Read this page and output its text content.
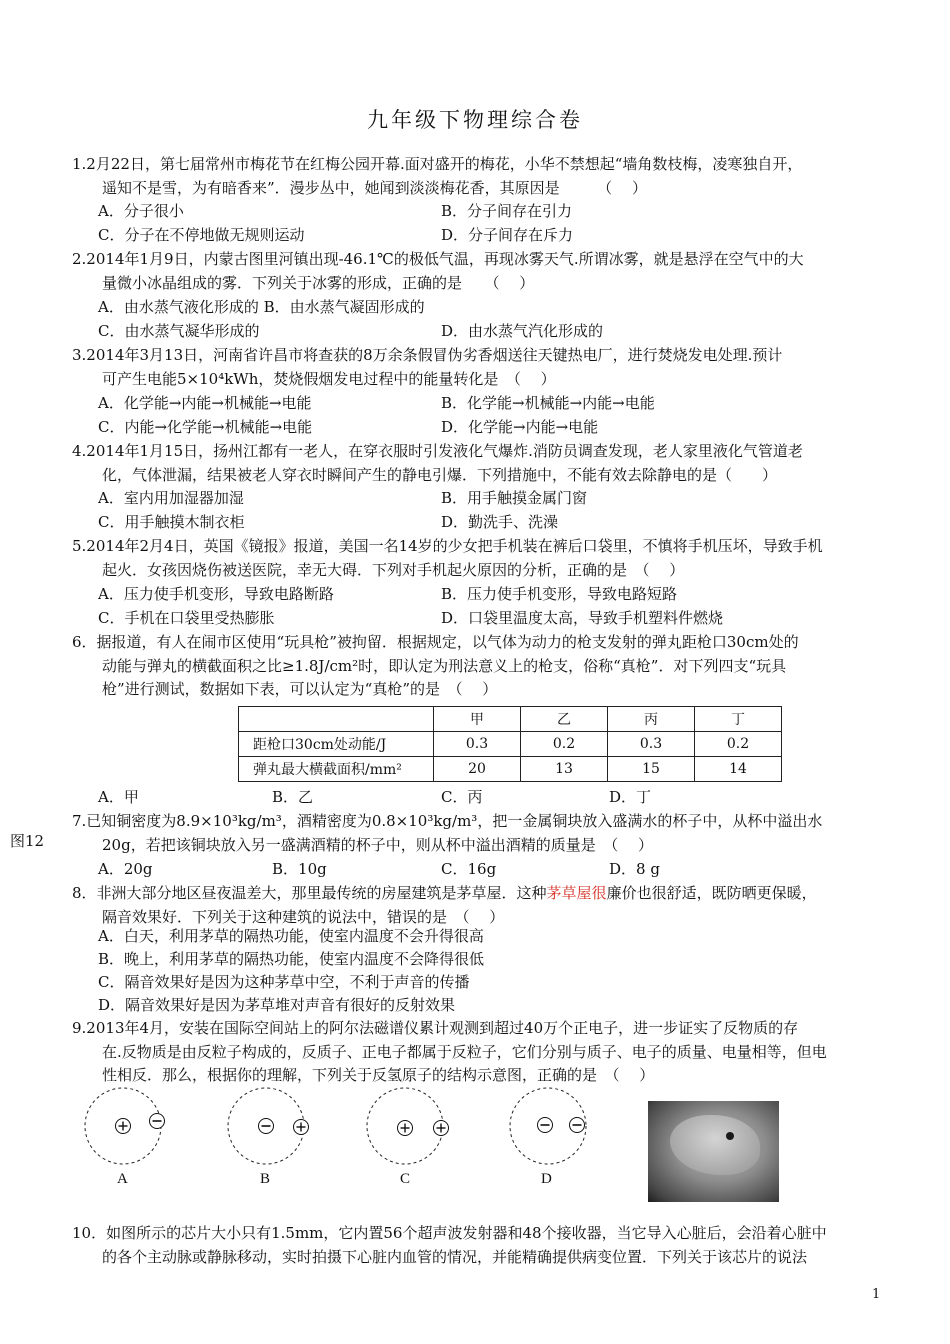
九年级下物理综合卷
1.2月22日，第七届常州市梅花节在红梅公园开幕.面对盛开的梅花，小华不禁想起“墙角数枝梅，凌寒独自开，
遥知不是雪，为有暗香来”．漫步丛中，她闻到淡淡梅花香，其原因是　　　（　 ）
A．分子很小	B．分子间存在引力
C．分子在不停地做无规则运动	D．分子间存在斥力
2.2014年1月9日，内蒙古图里河镇出现-46.1℃的极低气温，再现冰雾天气.所谓冰雾，就是悬浮在空气中的大
量微小冰晶组成的雾．下列关于冰雾的形成，正确的是　　（　 ）
A．由水蒸气液化形成的 B．由水蒸气凝固形成的
C．由水蒸气凝华形成的	D．由水蒸气汽化形成的
3.2014年3月13日，河南省许昌市将查获的8万余条假冒伪劣香烟送往天键热电厂，进行焚烧发电处理.预计
可产生电能5×10⁴kWh，焚烧假烟发电过程中的能量转化是　（　 ）
A．化学能→内能→机械能→电能	B．化学能→机械能→内能→电能
C．内能→化学能→机械能→电能	D．化学能→内能→电能
4.2014年1月15日，扬州江都有一老人，在穿衣服时引发液化气爆炸.消防员调查发现，老人家里液化气管道老
化，气体泄漏，结果被老人穿衣时瞬间产生的静电引爆．下列措施中，不能有效去除静电的是（　　）
A．室内用加湿器加湿	B．用手触摸金属门窗
C．用手触摸木制衣柜	D．勤洗手、洗澡
5.2014年2月4日，英国《镜报》报道，美国一名14岁的少女把手机装在裤后口袋里，不慎将手机压坏，导致手机
起火．女孩因烧伤被送医院，幸无大碍．下列对手机起火原因的分析，正确的是　（　 ）
A．压力使手机变形，导致电路断路	B．压力使手机变形，导致电路短路
C．手机在口袋里受热膨胀	D．口袋里温度太高，导致手机塑料件燃烧
6．据报道，有人在闹市区使用“玩具枪”被拘留．根据规定，以气体为动力的枪支发射的弹丸距枪口30cm处的
动能与弹丸的横截面积之比≥1.8J/cm²时，即认定为刑法意义上的枪支，俗称“真枪”．对下列四支“玩具
枪”进行测试，数据如下表，可以认定为“真枪”的是　（　 ）
	甲	乙	丙	丁
距枪口30cm处动能/J	0.3	0.2	0.3	0.2
弹丸最大横截面积/mm²	20	13	15	14
A．甲	B．乙	C．丙	D．丁
图12
7.已知铜密度为8.9×10³kg/m³，酒精密度为0.8×10³kg/m³，把一金属铜块放入盛满水的杯子中，从杯中溢出水
20g，若把该铜块放入另一盛满酒精的杯子中，则从杯中溢出酒精的质量是　（　 ）
A．20g	B．10g	C．16g	D．8 g
8．非洲大部分地区昼夜温差大，那里最传统的房屋建筑是茅草屋．这种茅草屋很廉价也很舒适，既防晒更保暖，
隔音效果好．下列关于这种建筑的说法中，错误的是　（　 ）
A．白天，利用茅草的隔热功能，使室内温度不会升得很高
B．晚上，利用茅草的隔热功能，使室内温度不会降得很低
C．隔音效果好是因为这种茅草中空，不利于声音的传播
D．隔音效果好是因为茅草堆对声音有很好的反射效果
9.2013年4月，安装在国际空间站上的阿尔法磁谱仪累计观测到超过40万个正电子，进一步证实了反物质的存
在.反物质是由反粒子构成的，反质子、正电子都属于反粒子，它们分别与质子、电子的质量、电量相等，但电
性相反．那么，根据你的理解，下列关于反氢原子的结构示意图，正确的是　（　 ）
A	B	C	D
10．如图所示的芯片大小只有1.5mm，它内置56个超声波发射器和48个接收器，当它导入心脏后，会沿着心脏中
的各个主动脉或静脉移动，实时拍摄下心脏内血管的情况，并能精确提供病变位置．下列关于该芯片的说法
1
